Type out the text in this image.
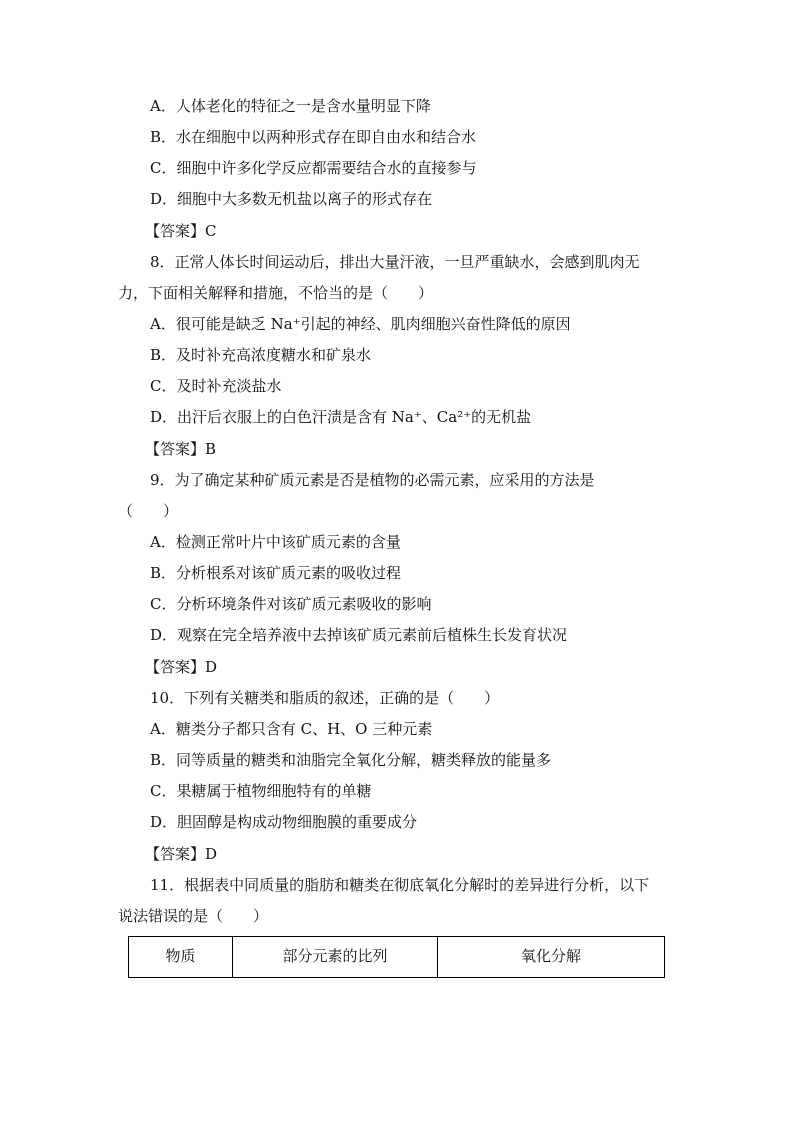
A．人体老化的特征之一是含水量明显下降
B．水在细胞中以两种形式存在即自由水和结合水
C．细胞中许多化学反应都需要结合水的直接参与
D．细胞中大多数无机盐以离子的形式存在
【答案】C
8．正常人体长时间运动后，排出大量汗液，一旦严重缺水，会感到肌肉无
力，下面相关解释和措施，不恰当的是（　　）
A．很可能是缺乏 Na⁺引起的神经、肌肉细胞兴奋性降低的原因
B．及时补充高浓度糖水和矿泉水
C．及时补充淡盐水
D．出汗后衣服上的白色汗渍是含有 Na⁺、Ca²⁺的无机盐
【答案】B
9．为了确定某种矿质元素是否是植物的必需元素，应采用的方法是
（　　）
A．检测正常叶片中该矿质元素的含量
B．分析根系对该矿质元素的吸收过程
C．分析环境条件对该矿质元素吸收的影响
D．观察在完全培养液中去掉该矿质元素前后植株生长发育状况
【答案】D
10．下列有关糖类和脂质的叙述，正确的是（　　）
A．糖类分子都只含有 C、H、O 三种元素
B．同等质量的糖类和油脂完全氧化分解，糖类释放的能量多
C．果糖属于植物细胞特有的单糖
D．胆固醇是构成动物细胞膜的重要成分
【答案】D
11．根据表中同质量的脂肪和糖类在彻底氧化分解时的差异进行分析，以下
说法错误的是（　　）
物质	部分元素的比列	氧化分解
